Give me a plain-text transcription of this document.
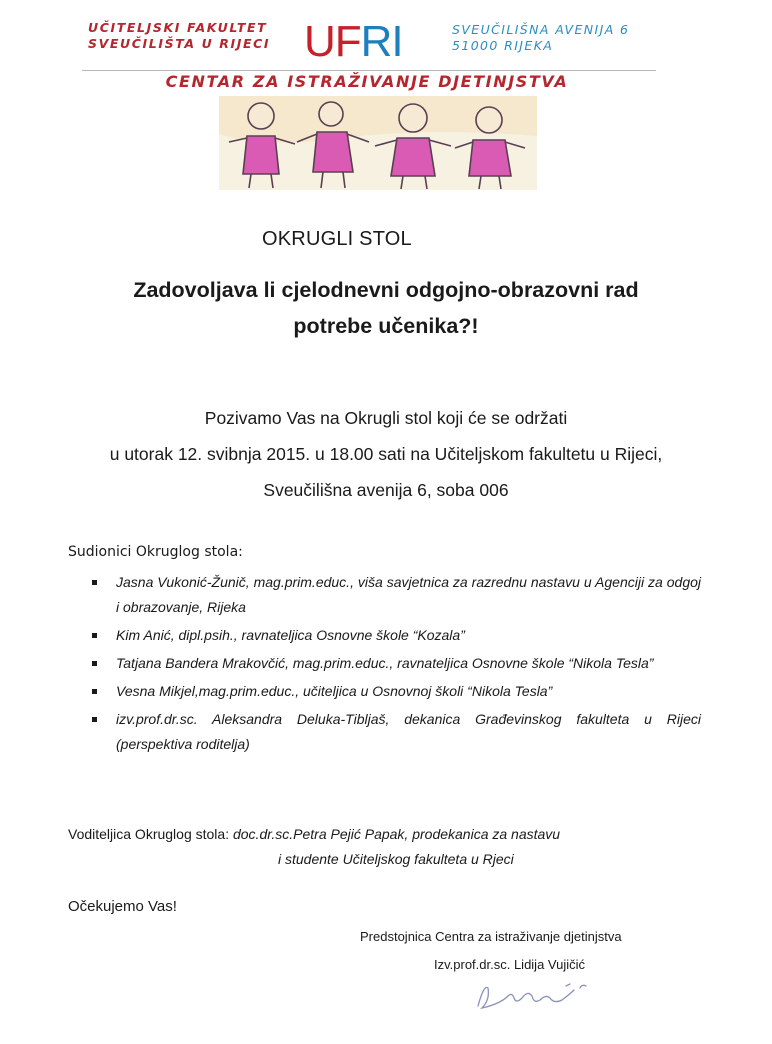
UČITELJSKI FAKULTET
SVEUČILIŠTA U RIJECI UFRI	SVEUČILIŠNA AVENIJA 6
51000 RIJEKA
CENTAR ZA ISTRAŽIVANJE DJETINJSTVA
OKRUGLI STOL
Zadovoljava li cjelodnevni odgojno-obrazovni rad
potrebe učenika?!
Pozivamo Vas na Okrugli stol koji će se održati
u utorak 12. svibnja 2015. u 18.00 sati na Učiteljskom fakultetu u Rijeci,
Sveučilišna avenija 6, soba 006
Sudionici Okruglog stola:
Jasna Vukonić-Žunič, mag.prim.educ., viša savjetnica za razrednu nastavu u Agenciji za odgoj i obrazovanje, Rijeka
Kim Anić, dipl.psih., ravnateljica Osnovne škole “Kozala”
Tatjana Bandera Mrakovčić, mag.prim.educ., ravnateljica Osnovne škole “Nikola Tesla”
Vesna Mikjel,mag.prim.educ., učiteljica u Osnovnoj školi “Nikola Tesla”
izv.prof.dr.sc. Aleksandra Deluka-Tibljaš, dekanica Građevinskog fakulteta u Rijeci (perspektiva roditelja)
Voditeljica Okruglog stola: doc.dr.sc.Petra Pejić Papak, prodekanica za nastavu
i studente Učiteljskog fakulteta u Rjeci
Očekujemo Vas!
Predstojnica Centra za istraživanje djetinjstva
Izv.prof.dr.sc. Lidija Vujičić
